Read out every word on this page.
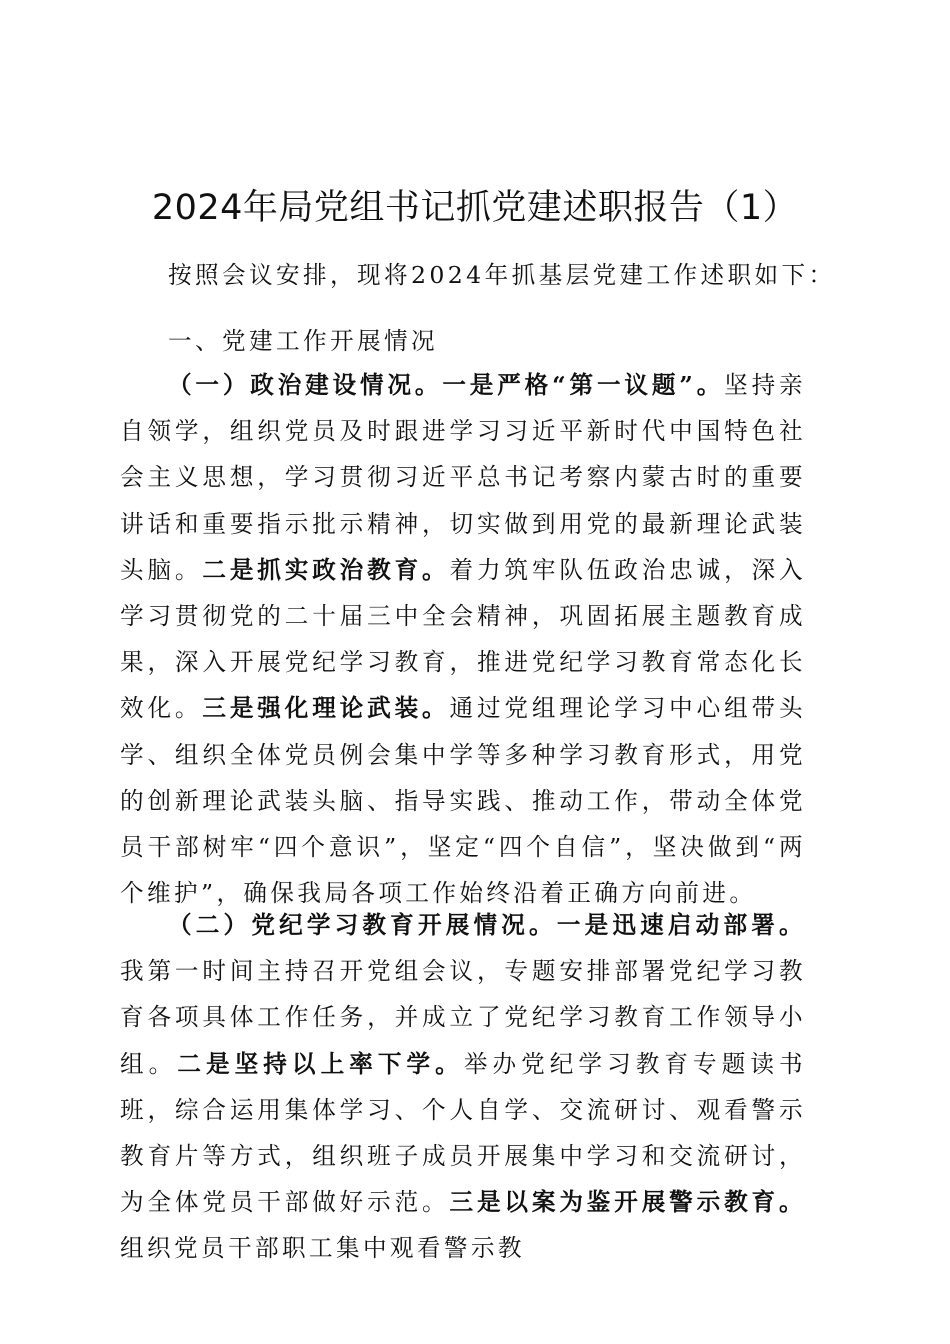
2024年局党组书记抓党建述职报告（1）
按照会议安排，现将2024年抓基层党建工作述职如下：
一、党建工作开展情况
（一）政治建设情况。一是严格“第一议题”。坚持亲自领学，组织党员及时跟进学习习近平新时代中国特色社会主义思想，学习贯彻习近平总书记考察内蒙古时的重要讲话和重要指示批示精神，切实做到用党的最新理论武装头脑。二是抓实政治教育。着力筑牢队伍政治忠诚，深入学习贯彻党的二十届三中全会精神，巩固拓展主题教育成果，深入开展党纪学习教育，推进党纪学习教育常态化长效化。三是强化理论武装。通过党组理论学习中心组带头学、组织全体党员例会集中学等多种学习教育形式，用党的创新理论武装头脑、指导实践、推动工作，带动全体党员干部树牢“四个意识”，坚定“四个自信”，坚决做到“两个维护”，确保我局各项工作始终沿着正确方向前进。
（二）党纪学习教育开展情况。一是迅速启动部署。我第一时间主持召开党组会议，专题安排部署党纪学习教育各项具体工作任务，并成立了党纪学习教育工作领导小组。二是坚持以上率下学。举办党纪学习教育专题读书班，综合运用集体学习、个人自学、交流研讨、观看警示教育片等方式，组织班子成员开展集中学习和交流研讨，为全体党员干部做好示范。三是以案为鉴开展警示教育。组织党员干部职工集中观看警示教
